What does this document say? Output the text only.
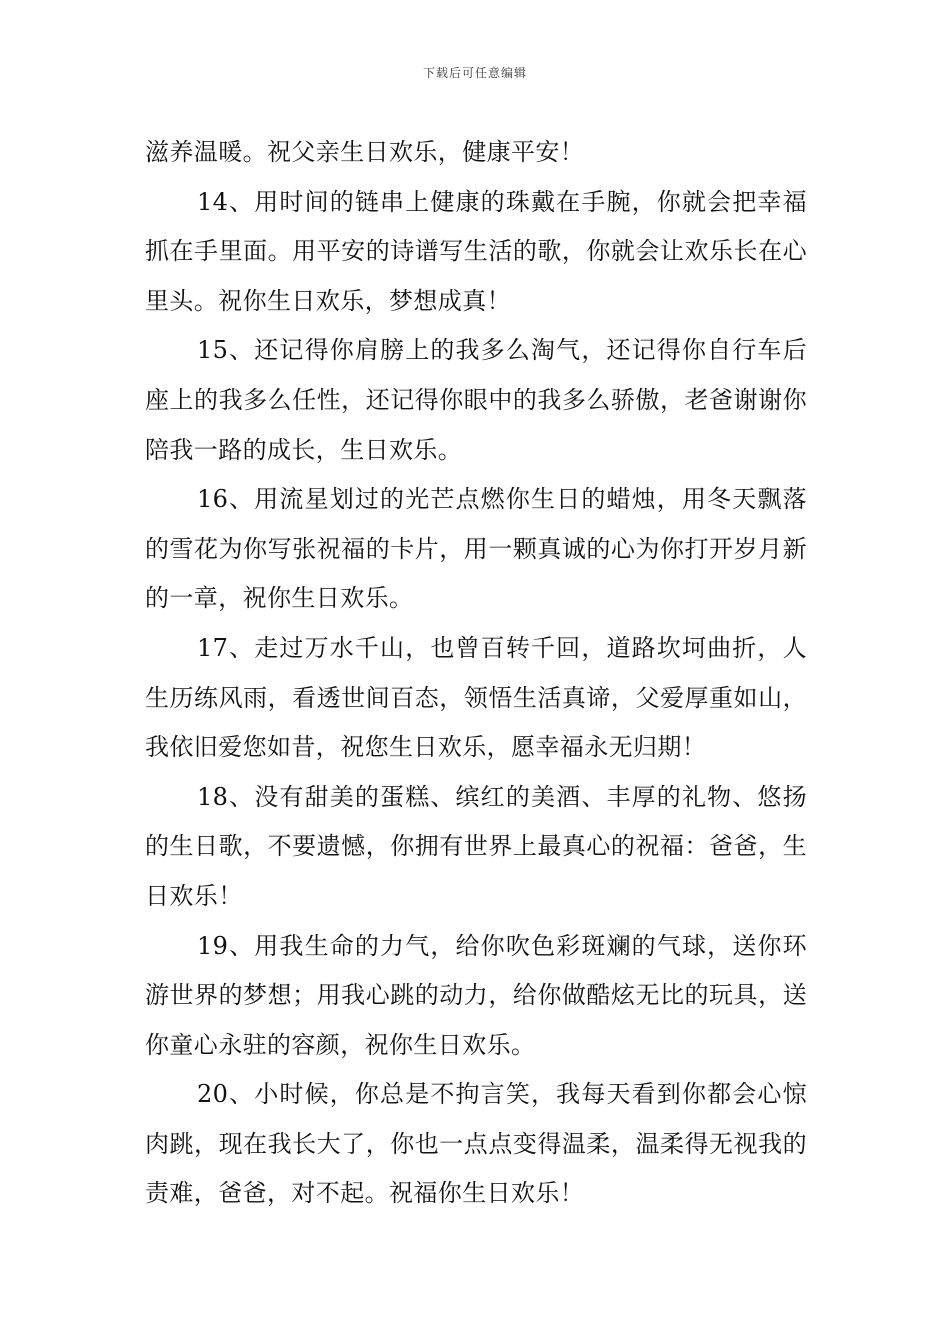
下载后可任意编辑

滋养温暖。祝父亲生日欢乐，健康平安！

14、用时间的链串上健康的珠戴在手腕，你就会把幸福抓在手里面。用平安的诗谱写生活的歌，你就会让欢乐长在心里头。祝你生日欢乐，梦想成真！

15、还记得你肩膀上的我多么淘气，还记得你自行车后座上的我多么任性，还记得你眼中的我多么骄傲，老爸谢谢你陪我一路的成长，生日欢乐。

16、用流星划过的光芒点燃你生日的蜡烛，用冬天飘落的雪花为你写张祝福的卡片，用一颗真诚的心为你打开岁月新的一章，祝你生日欢乐。

17、走过万水千山，也曾百转千回，道路坎坷曲折，人生历练风雨，看透世间百态，领悟生活真谛，父爱厚重如山，我依旧爱您如昔，祝您生日欢乐，愿幸福永无归期！

18、没有甜美的蛋糕、缤红的美酒、丰厚的礼物、悠扬的生日歌，不要遗憾，你拥有世界上最真心的祝福：爸爸，生日欢乐！

19、用我生命的力气，给你吹色彩斑斓的气球，送你环游世界的梦想；用我心跳的动力，给你做酷炫无比的玩具，送你童心永驻的容颜，祝你生日欢乐。

20、小时候，你总是不拘言笑，我每天看到你都会心惊肉跳，现在我长大了，你也一点点变得温柔，温柔得无视我的责难，爸爸，对不起。祝福你生日欢乐！
